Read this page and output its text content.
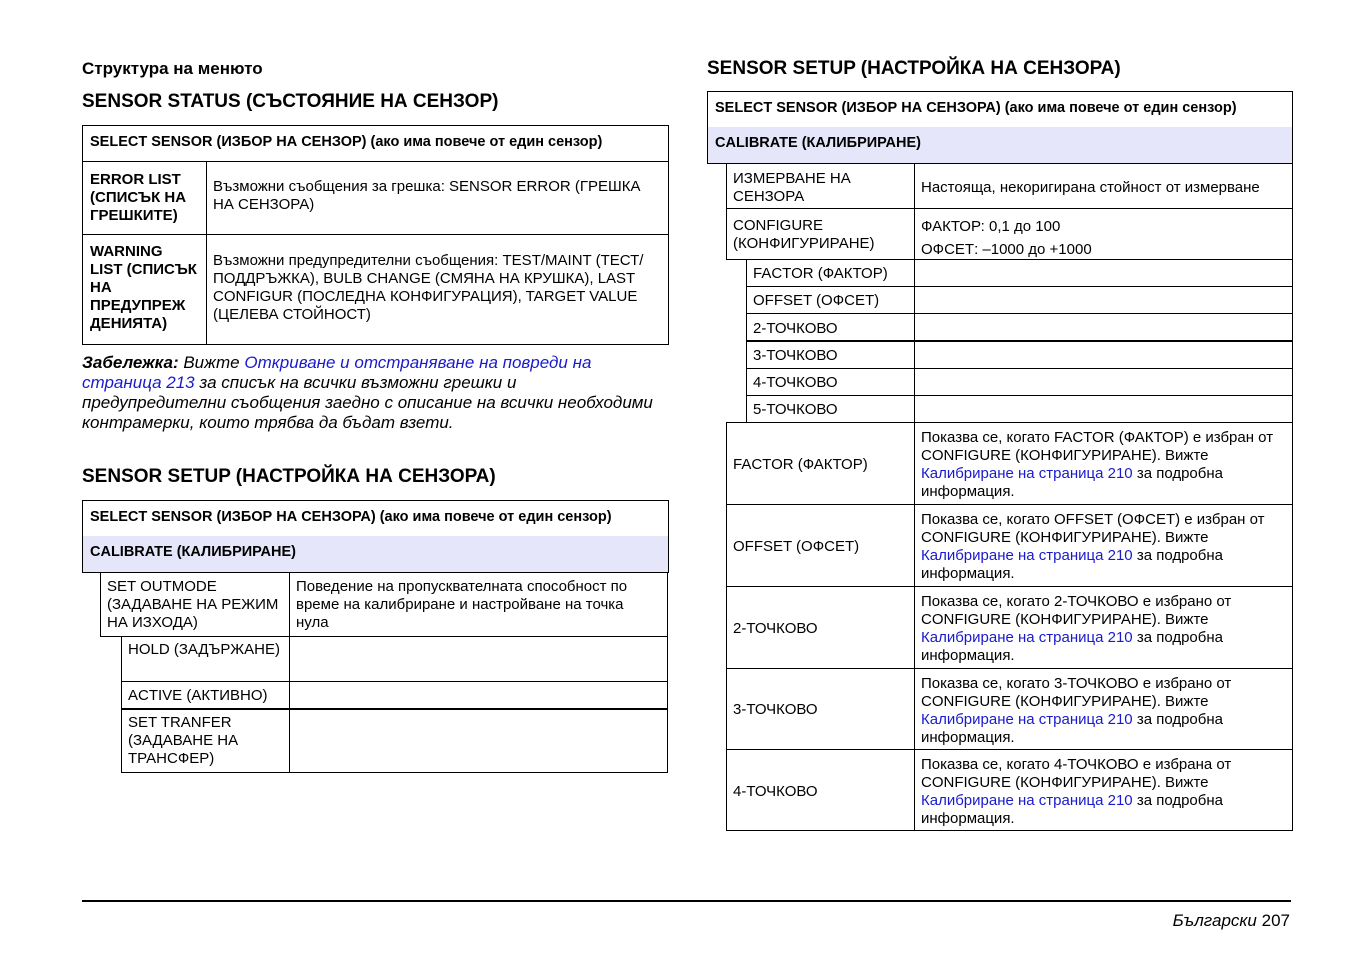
Структура на менюто
SENSOR STATUS (СЪСТОЯНИЕ НА СЕНЗОР)
SELECT SENSOR (ИЗБОР НА СЕНЗОР) (ако има повече от един сензор)
ERROR LIST (СПИСЪК НА ГРЕШКИТЕ)
Възможни съобщения за грешка: SENSOR ERROR (ГРЕШКА НА СЕНЗОРА)
WARNING LIST (СПИСЪК НА ПРЕДУПРЕЖ ДЕНИЯТА)
Възможни предупредителни съобщения: TEST/MAINT (ТЕСТ/ПОДДРЪЖКА), BULB CHANGE (СМЯНА НА КРУШКА), LAST CONFIGUR (ПОСЛЕДНА КОНФИГУРАЦИЯ), TARGET VALUE (ЦЕЛЕВА СТОЙНОСТ)
Забележка: Вижте Откриване и отстраняване на повреди на страница 213 за списък на всички възможни грешки и предупредителни съобщения заедно с описание на всички необходими контрамерки, които трябва да бъдат взети.
SENSOR SETUP (НАСТРОЙКА НА СЕНЗОРА)
SELECT SENSOR (ИЗБОР НА СЕНЗОРА) (ако има повече от един сензор)
CALIBRATE (КАЛИБРИРАНЕ)
SET OUTMODE (ЗАДАВАНЕ НА РЕЖИМ НА ИЗХОДА)
Поведение на пропусквателната способност по време на калибриране и настройване на точка нула
HOLD (ЗАДЪРЖАНЕ)
ACTIVE (АКТИВНО)
SET TRANFER (ЗАДАВАНЕ НА ТРАНСФЕР)
SENSOR SETUP (НАСТРОЙКА НА СЕНЗОРА)
SELECT SENSOR (ИЗБОР НА СЕНЗОРА) (ако има повече от един сензор)
CALIBRATE (КАЛИБРИРАНЕ)
ИЗМЕРВАНЕ НА СЕНЗОРА
Настояща, некоригирана стойност от измерване
CONFIGURE (КОНФИГУРИРАНЕ)
ФАКТОР: 0,1 до 100
ОФСЕТ: –1000 до +1000
FACTOR (ФАКТОР)
OFFSET (ОФСЕТ)
2-ТОЧКОВО
3-ТОЧКОВО
4-ТОЧКОВО
5-ТОЧКОВО
FACTOR (ФАКТОР)
Показва се, когато FACTOR (ФАКТОР) е избран от CONFIGURE (КОНФИГУРИРАНЕ). Вижте Калибриране на страница 210 за подробна информация.
OFFSET (ОФСЕТ)
Показва се, когато OFFSET (ОФСЕТ) е избран от CONFIGURE (КОНФИГУРИРАНЕ). Вижте Калибриране на страница 210 за подробна информация.
2-ТОЧКОВО
Показва се, когато 2-ТОЧКОВО е избрано от CONFIGURE (КОНФИГУРИРАНЕ). Вижте Калибриране на страница 210 за подробна информация.
3-ТОЧКОВО
Показва се, когато 3-ТОЧКОВО е избрано от CONFIGURE (КОНФИГУРИРАНЕ). Вижте Калибриране на страница 210 за подробна информация.
4-ТОЧКОВО
Показва се, когато 4-ТОЧКОВО е избрана от CONFIGURE (КОНФИГУРИРАНЕ). Вижте Калибриране на страница 210 за подробна информация.
Български 207
